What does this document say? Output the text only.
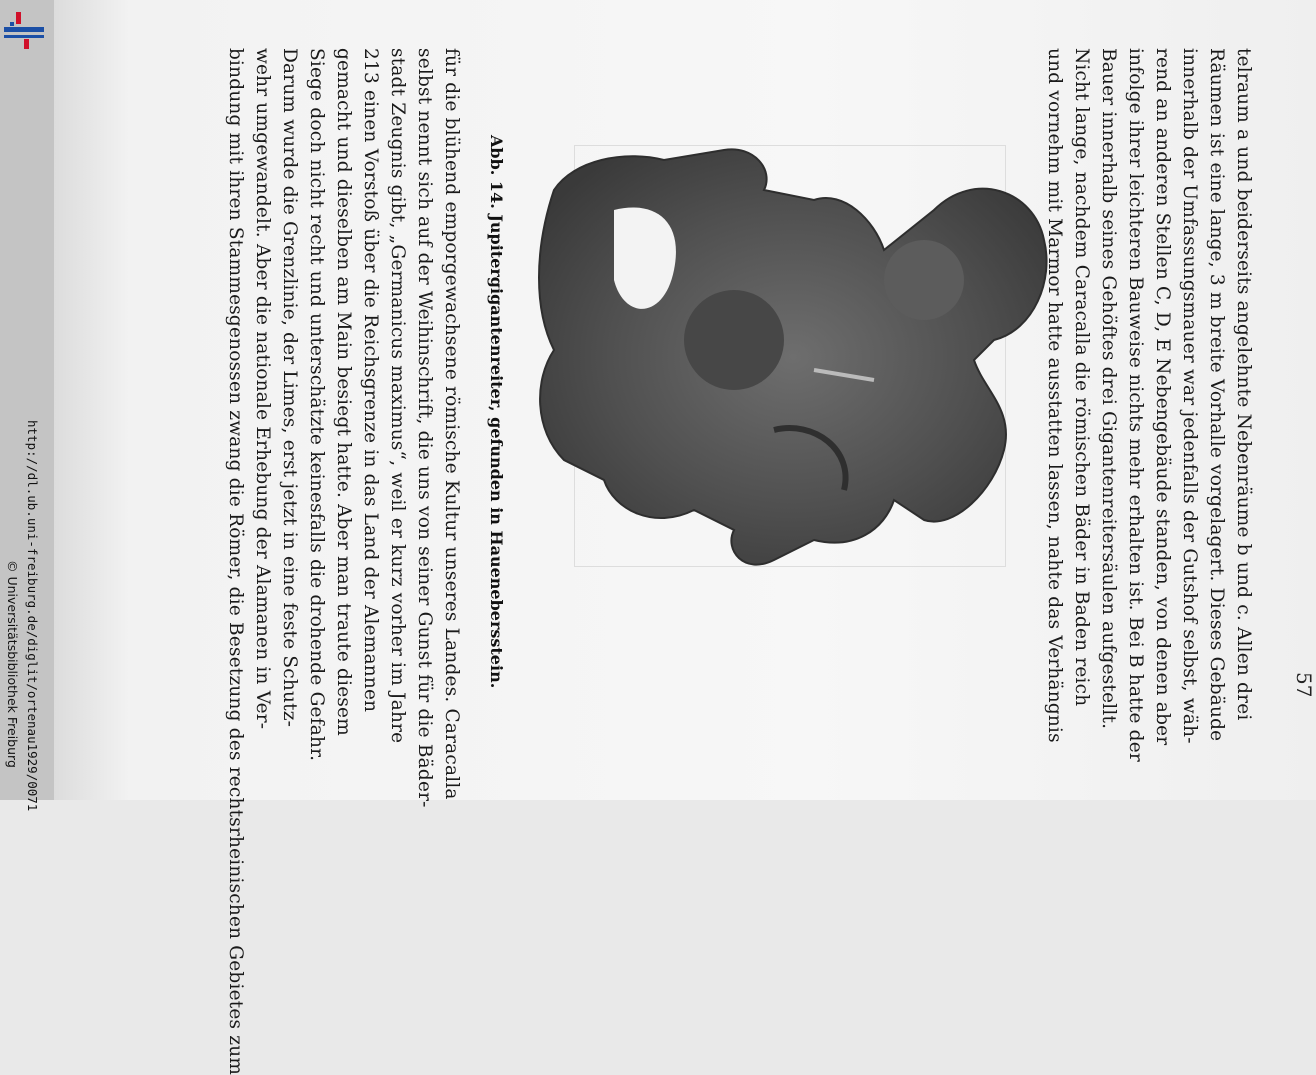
http://dl.ub.uni-freiburg.de/diglit/ortenau1929/0071
© Universitätsbibliothek Freiburg	57
telraum a und beiderseits angelehnte Nebenräume b und c. Allen drei
Räumen ist eine lange, 3 m breite Vorhalle vorgelagert. Dieses Gebäude
innerhalb der Umfassungsmauer war jedenfalls der Gutshof selbst, wäh-
rend an anderen Stellen C, D, E Nebengebäude standen, von denen aber
infolge ihrer leichteren Bauweise nichts mehr erhalten ist. Bei B hatte der
Bauer innerhalb seines Gehöftes drei Gigantenreitersäulen aufgestellt.
Nicht lange, nachdem Caracalla die römischen Bäder in Baden reich
und vornehm mit Marmor hatte ausstatten lassen, nahte das Verhängnis
Abb. 14. Jupitergigantenreiter, gefunden in Hauenebersstein.
für die blühend emporgewachsene römische Kultur unseres Landes. Caracalla
selbst nennt sich auf der Weihinschrift, die uns von seiner Gunst für die Bäder-
stadt Zeugnis gibt, „Germanicus maximus“, weil er kurz vorher im Jahre
213 einen Vorstoß über die Reichsgrenze in das Land der Alemannen
gemacht und dieselben am Main besiegt hatte. Aber man traute diesem
Siege doch nicht recht und unterschätzte keinesfalls die drohende Gefahr.
Darum wurde die Grenzlinie, der Limes, erst jetzt in eine feste Schutz-
wehr umgewandelt. Aber die nationale Erhebung der Alamanen in Ver-
bindung mit ihren Stammesgenossen zwang die Römer, die Besetzung des rechtsrheinischen Gebietes zum
